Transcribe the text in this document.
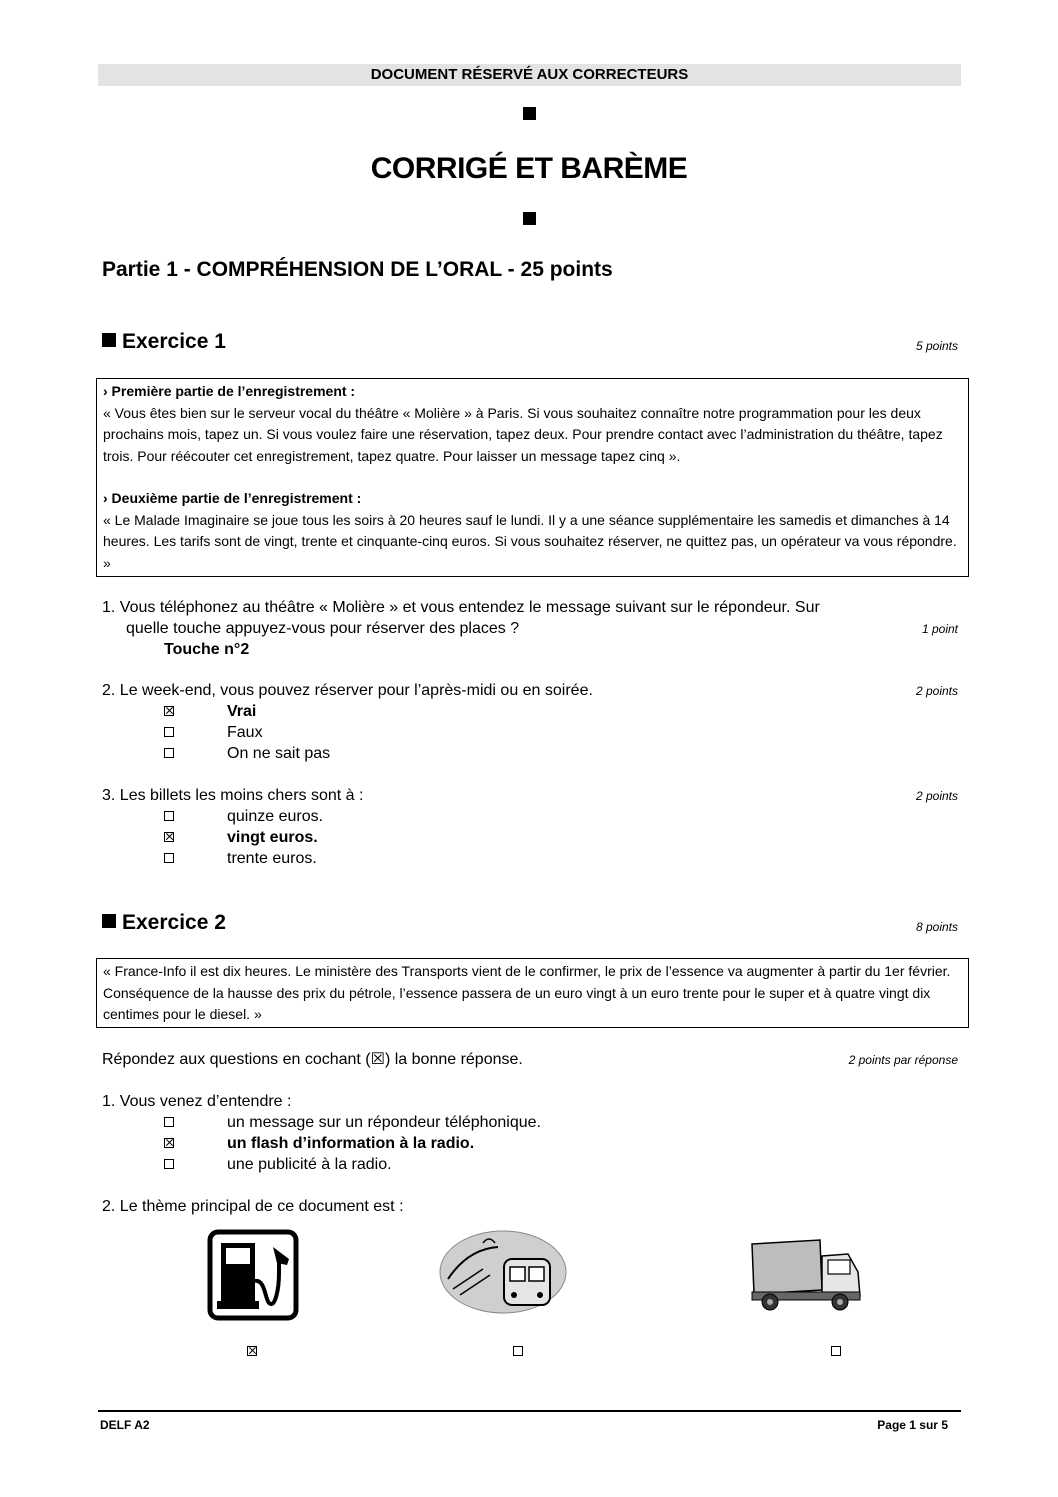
DOCUMENT RÉSERVÉ AUX CORRECTEURS
CORRIGÉ ET BARÈME
Partie 1 - COMPRÉHENSION DE L’ORAL - 25 points
Exercice 1	5 points

› Première partie de l’enregistrement :

« Vous êtes bien sur le serveur vocal du théâtre « Molière » à Paris. Si vous souhaitez connaître notre programmation pour les deux prochains mois, tapez un. Si vous voulez faire une réservation, tapez deux. Pour prendre contact avec l’administration du théâtre, tapez trois. Pour réécouter cet enregistrement, tapez quatre. Pour laisser un message tapez cinq ».

› Deuxième partie de l’enregistrement :

« Le Malade Imaginaire se joue tous les soirs à 20 heures sauf le lundi. Il y a une séance supplémentaire les samedis et dimanches à 14 heures. Les tarifs sont de vingt, trente et cinquante-cinq euros. Si vous souhaitez réserver, ne quittez pas, un opérateur va vous répondre. »

1. Vous téléphonez au théâtre « Molière » et vous entendez le message suivant sur le répondeur. Sur
quelle touche appuyez-vous pour réserver des places ?	1 point
Touche n°2
2. Le week-end, vous pouvez réserver pour l’après-midi ou en soirée.	2 points
Vrai
Faux
On ne sait pas
3. Les billets les moins chers sont à :	2 points
quinze euros.
vingt euros.
trente euros.
Exercice 2	8 points

« France-Info il est dix heures. Le ministère des Transports vient de le confirmer, le prix de l’essence va augmenter à partir du 1er février. Conséquence de la hausse des prix du pétrole, l’essence passera de un euro vingt à un euro trente pour le super et à quatre vingt dix centimes pour le diesel. »

Répondez aux questions en cochant (☒) la bonne réponse.	2 points par réponse
1. Vous venez d’entendre :
un message sur un répondeur téléphonique.
un flash d’information à la radio.
une publicité à la radio.
2. Le thème principal de ce document est :

DELF A2	Page 1 sur 5
